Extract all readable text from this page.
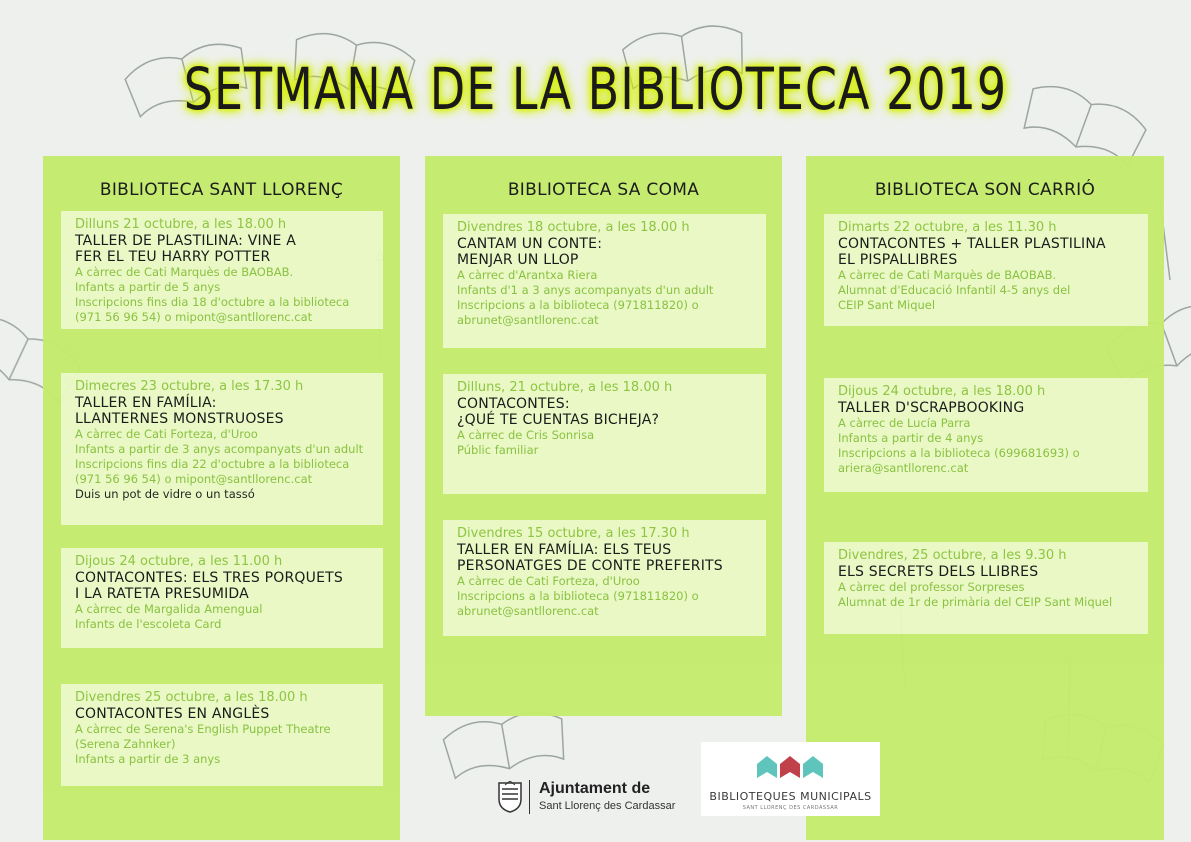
SETMANA DE LA BIBLIOTECA 2019
BIBLIOTECA SANT LLORENÇ
Dilluns 21 octubre, a les 18.00 h
TALLER DE PLASTILINA: VINE A
FER EL TEU HARRY POTTER
A càrrec de Cati Marquès de BAOBAB.
Infants a partir de 5 anys
Inscripcions fins dia 18 d'octubre a la biblioteca
(971 56 96 54) o mipont@santllorenc.cat
Dimecres 23 octubre, a les 17.30 h
TALLER EN FAMÍLIA:
LLANTERNES MONSTRUOSES
A càrrec de Cati Forteza, d'Uroo
Infants a partir de 3 anys acompanyats d'un adult
Inscripcions fins dia 22 d'octubre a la biblioteca
(971 56 96 54) o mipont@santllorenc.cat
Duis un pot de vidre o un tassó
Dijous 24 octubre, a les 11.00 h
CONTACONTES: ELS TRES PORQUETS
I LA RATETA PRESUMIDA
A càrrec de Margalida Amengual
Infants de l'escoleta Card
Divendres 25 octubre, a les 18.00 h
CONTACONTES EN ANGLÈS
A càrrec de Serena's English Puppet Theatre
(Serena Zahnker)
Infants a partir de 3 anys
BIBLIOTECA SA COMA
Divendres 18 octubre, a les 18.00 h
CANTAM UN CONTE:
MENJAR UN LLOP
A càrrec d'Arantxa Riera
Infants d'1 a 3 anys acompanyats d'un adult
Inscripcions a la biblioteca (971811820) o
abrunet@santllorenc.cat
Dilluns, 21 octubre, a les 18.00 h
CONTACONTES:
¿QUÉ TE CUENTAS BICHEJA?
A càrrec de Cris Sonrisa
Públic familiar
Divendres 15 octubre, a les 17.30 h
TALLER EN FAMÍLIA: ELS TEUS
PERSONATGES DE CONTE PREFERITS
A càrrec de Cati Forteza, d'Uroo
Inscripcions a la biblioteca (971811820) o
abrunet@santllorenc.cat
BIBLIOTECA SON CARRIÓ
Dimarts 22 octubre, a les 11.30 h
CONTACONTES + TALLER PLASTILINA
EL PISPALLIBRES
A càrrec de Cati Marquès de BAOBAB.
Alumnat d'Educació Infantil 4-5 anys del
CEIP Sant Miquel
Dijous 24 octubre, a les 18.00 h
TALLER D'SCRAPBOOKING
A càrrec de Lucía Parra
Infants a partir de 4 anys
Inscripcions a la biblioteca (699681693) o
ariera@santllorenc.cat
Divendres, 25 octubre, a les 9.30 h
ELS SECRETS DELS LLIBRES
A càrrec del professor Sorpreses
Alumnat de 1r de primària del CEIP Sant Miquel
Ajuntament de
Sant Llorenç des Cardassar
BIBLIOTEQUES MUNICIPALS
SANT LLORENÇ DES CARDASSAR
